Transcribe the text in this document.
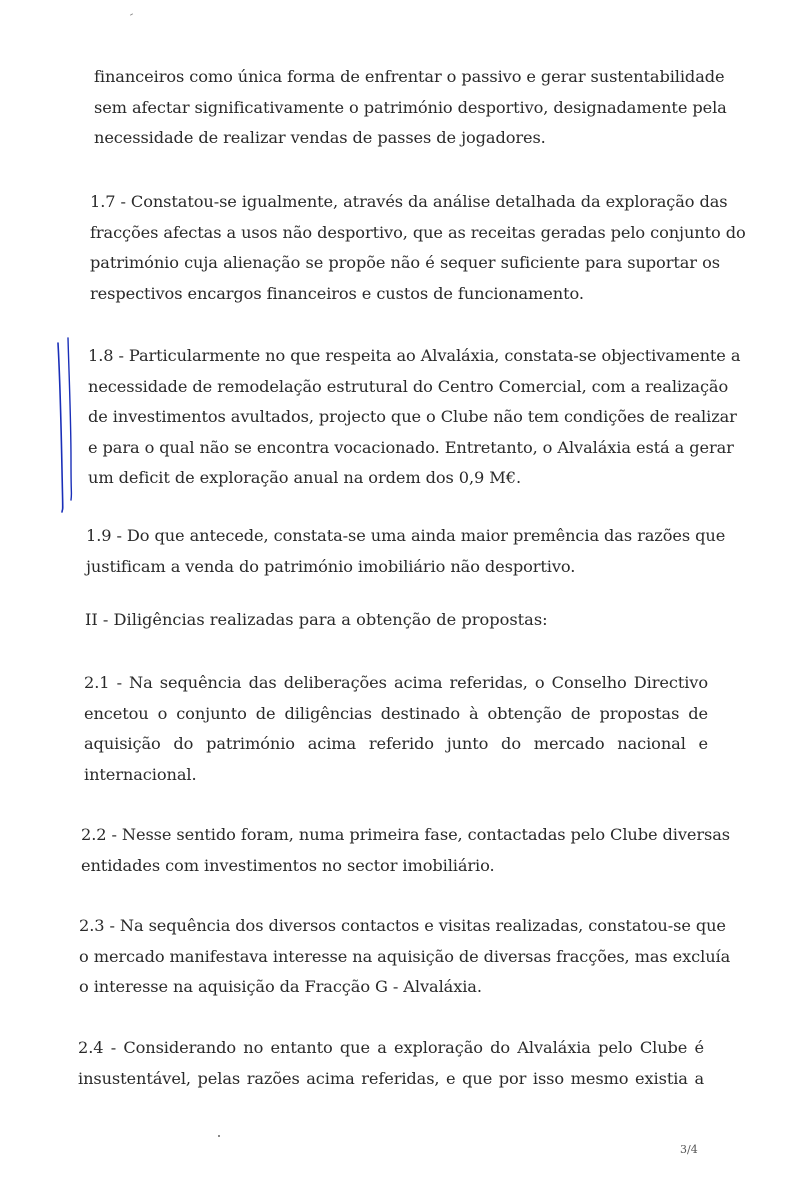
financeiros como única forma de enfrentar o passivo e gerar sustentabilidade
sem afectar significativamente o património desportivo, designadamente pela
necessidade de realizar vendas de passes de jogadores.
1.7 - Constatou-se igualmente, através da análise detalhada da exploração das
fracções afectas a usos não desportivo, que as receitas geradas pelo conjunto do
património cuja alienação se propõe não é sequer suficiente para suportar os
respectivos encargos financeiros e custos de funcionamento.
1.8 - Particularmente no que respeita ao Alvaláxia, constata-se objectivamente a
necessidade de remodelação estrutural do Centro Comercial, com a realização
de investimentos avultados, projecto que o Clube não tem condições de realizar
e para o qual não se encontra vocacionado. Entretanto, o Alvaláxia está a gerar
um deficit de exploração anual na ordem dos 0,9 M€.
1.9 - Do que antecede, constata-se uma ainda maior premência das razões que
justificam a venda do património imobiliário não desportivo.
II - Diligências realizadas para a obtenção de propostas:
2.1 - Na sequência das deliberações acima referidas, o Conselho Directivo
encetou o conjunto de diligências destinado à obtenção de propostas de
aquisição do património acima referido junto do mercado nacional e
internacional.
2.2 - Nesse sentido foram, numa primeira fase, contactadas pelo Clube diversas
entidades com investimentos no sector imobiliário.
2.3 - Na sequência dos diversos contactos e visitas realizadas, constatou-se que
o mercado manifestava interesse na aquisição de diversas fracções, mas excluía
o interesse na aquisição da Fracção G - Alvaláxia.
2.4 - Considerando no entanto que a exploração do Alvaláxia pelo Clube é
insustentável, pelas razões acima referidas, e que por isso mesmo existia a
3/4
